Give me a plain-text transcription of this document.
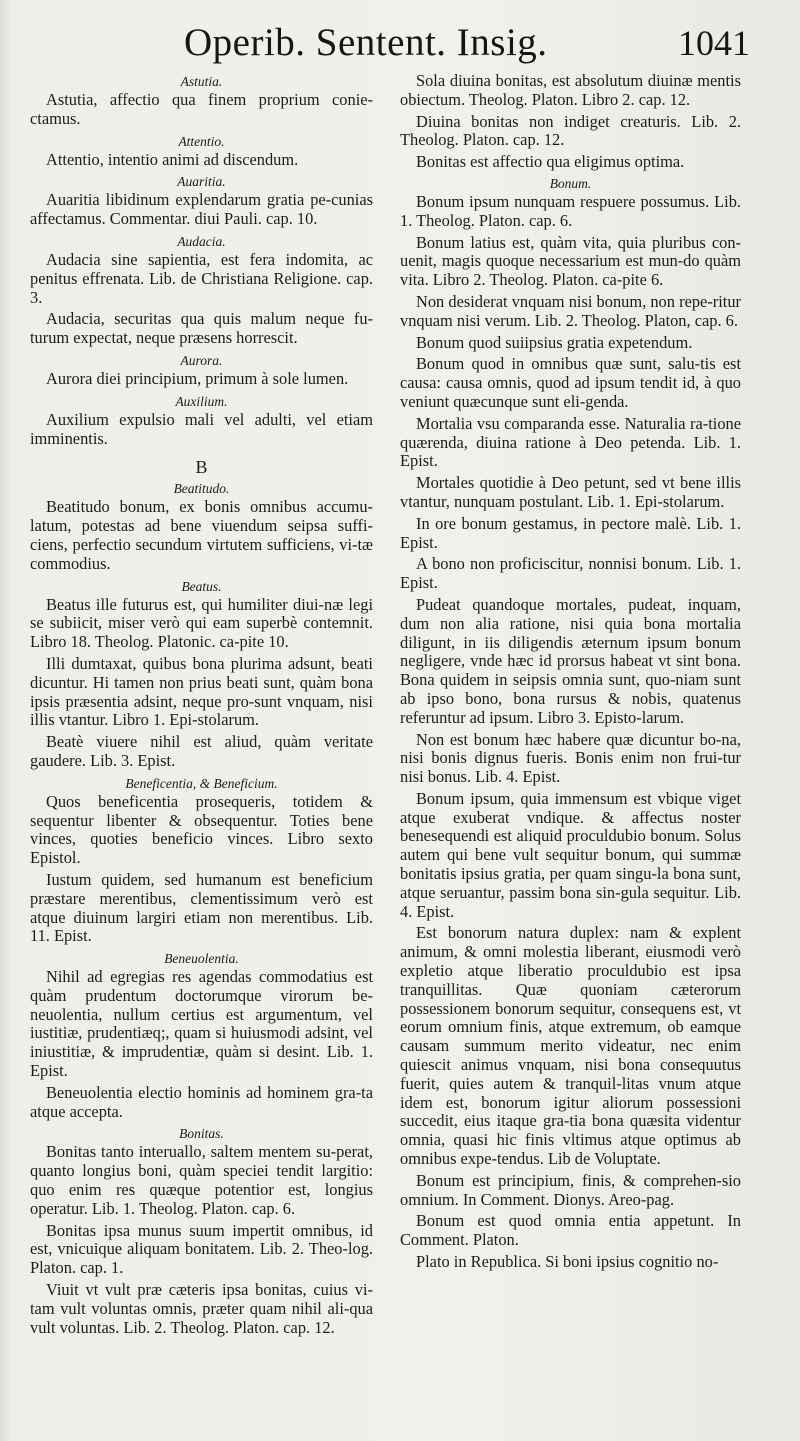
Operib. Sentent. Insig.	1041
Astutia.
Astutia, affectio qua finem proprium conie-ctamus.
Attentio.
Attentio, intentio animi ad discendum.
Auaritia.
Auaritia libidinum explendarum gratia pe-cunias affectamus. Commentar. diui Pauli. cap. 10.
Audacia.
Audacia sine sapientia, est fera indomita, ac penitus effrenata. Lib. de Christiana Religione. cap. 3.
Audacia, securitas qua quis malum neque fu-turum expectat, neque præsens horrescit.
Aurora.
Aurora diei principium, primum à sole lumen.
Auxilium.
Auxilium expulsio mali vel adulti, vel etiam imminentis.
B
Beatitudo.
Beatitudo bonum, ex bonis omnibus accumu-latum, potestas ad bene viuendum seipsa suffi-ciens, perfectio secundum virtutem sufficiens, vi-tæ commodius.
Beatus.
Beatus ille futurus est, qui humiliter diui-næ legi se subiicit, miser verò qui eam superbè contemnit. Libro 18. Theolog. Platonic. ca-pite 10.
Illi dumtaxat, quibus bona plurima adsunt, beati dicuntur. Hi tamen non prius beati sunt, quàm bona ipsis præsentia adsint, neque pro-sunt vnquam, nisi illis vtantur. Libro 1. Epi-stolarum.
Beatè viuere nihil est aliud, quàm veritate gaudere. Lib. 3. Epist.
Beneficentia, & Beneficium.
Quos beneficentia prosequeris, totidem & sequentur libenter & obsequentur. Toties bene vinces, quoties beneficio vinces. Libro sexto Epistol.
Iustum quidem, sed humanum est beneficium præstare merentibus, clementissimum verò est atque diuinum largiri etiam non merentibus. Lib. 11. Epist.
Beneuolentia.
Nihil ad egregias res agendas commodatius est quàm prudentum doctorumque virorum be-neuolentia, nullum certius est argumentum, vel iustitiæ, prudentiæq;, quam si huiusmodi adsint, vel iniustitiæ, & imprudentiæ, quàm si desint. Lib. 1. Epist.
Beneuolentia electio hominis ad hominem gra-ta atque accepta.
Bonitas.
Bonitas tanto interuallo, saltem mentem su-perat, quanto longius boni, quàm speciei tendit largitio: quo enim res quæque potentior est, longius operatur. Lib. 1. Theolog. Platon. cap. 6.
Bonitas ipsa munus suum impertit omnibus, id est, vnicuique aliquam bonitatem. Lib. 2. Theo-log. Platon. cap. 1.
Viuit vt vult præ cæteris ipsa bonitas, cuius vi-tam vult voluntas omnis, præter quam nihil ali-qua vult voluntas. Lib. 2. Theolog. Platon. cap. 12.
Sola diuina bonitas, est absolutum diuinæ mentis obiectum. Theolog. Platon. Libro 2. cap. 12.
Diuina bonitas non indiget creaturis. Lib. 2. Theolog. Platon. cap. 12.
Bonitas est affectio qua eligimus optima.
Bonum.
Bonum ipsum nunquam respuere possumus. Lib. 1. Theolog. Platon. cap. 6.
Bonum latius est, quàm vita, quia pluribus con-uenit, magis quoque necessarium est mun-do quàm vita. Libro 2. Theolog. Platon. ca-pite 6.
Non desiderat vnquam nisi bonum, non repe-ritur vnquam nisi verum. Lib. 2. Theolog. Platon, cap. 6.
Bonum quod suiipsius gratia expetendum.
Bonum quod in omnibus quæ sunt, salu-tis est causa: causa omnis, quod ad ipsum tendit id, à quo veniunt quæcunque sunt eli-genda.
Mortalia vsu comparanda esse. Naturalia ra-tione quærenda, diuina ratione à Deo petenda. Lib. 1. Epist.
Mortales quotidie à Deo petunt, sed vt bene illis vtantur, nunquam postulant. Lib. 1. Epi-stolarum.
In ore bonum gestamus, in pectore malè. Lib. 1. Epist.
A bono non proficiscitur, nonnisi bonum. Lib. 1. Epist.
Pudeat quandoque mortales, pudeat, inquam, dum non alia ratione, nisi quia bona mortalia diligunt, in iis diligendis æternum ipsum bonum negligere, vnde hæc id prorsus habeat vt sint bona. Bona quidem in seipsis omnia sunt, quo-niam sunt ab ipso bono, bona rursus & nobis, quatenus referuntur ad ipsum. Libro 3. Episto-larum.
Non est bonum hæc habere quæ dicuntur bo-na, nisi bonis dignus fueris. Bonis enim non frui-tur nisi bonus. Lib. 4. Epist.
Bonum ipsum, quia immensum est vbique viget atque exuberat vndique. & affectus noster benesequendi est aliquid proculdubio bonum. Solus autem qui bene vult sequitur bonum, qui summæ bonitatis ipsius gratia, per quam singu-la bona sunt, atque seruantur, passim bona sin-gula sequitur. Lib. 4. Epist.
Est bonorum natura duplex: nam & explent animum, & omni molestia liberant, eiusmodi verò expletio atque liberatio proculdubio est ipsa tranquillitas. Quæ quoniam cæterorum possessionem bonorum sequitur, consequens est, vt eorum omnium finis, atque extremum, ob eamque causam summum merito videatur, nec enim quiescit animus vnquam, nisi bona consequutus fuerit, quies autem & tranquil-litas vnum atque idem est, bonorum igitur aliorum possessioni succedit, eius itaque gra-tia bona quæsita videntur omnia, quasi hic finis vltimus atque optimus ab omnibus expe-tendus. Lib de Voluptate.
Bonum est principium, finis, & comprehen-sio omnium. In Comment. Dionys. Areo-pag.
Bonum est quod omnia entia appetunt. In Comment. Platon.
Plato in Republica. Si boni ipsius cognitio no-
